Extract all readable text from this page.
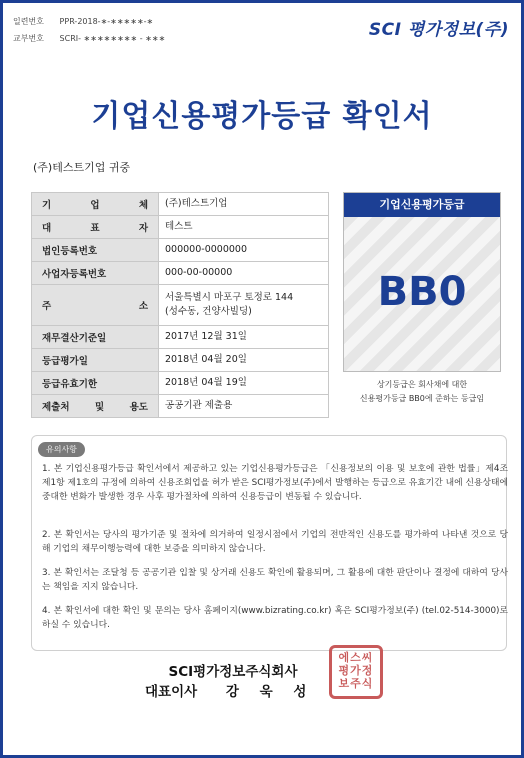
일련번호 PPR-2018-∗-∗∗∗∗∗-∗
교부번호 SCRI- ∗∗∗∗∗∗∗∗ - ∗∗∗	SCI 평가정보(주)
기업신용평가등급 확인서
(주)테스트기업 귀중
기 업 체	(주)테스트기업
대 표 자	테스트
법인등록번호	000000-0000000
사업자등록번호	000-00-00000
주 소	서울특별시 마포구 토정로 144
(성수동, 건양사빌딩)

재무결산기준일	2017년 12월 31일
등급평가일	2018년 04월 20일
등급유효기한	2018년 04월 19일
제출처 및 용도	공공기관 제출용
기업신용평가등급
BB0
상기등급은 회사채에 대한
신용평가등급 BB0에 준하는 등급임
유의사항
1. 본 기업신용평가등급 확인서에서 제공하고 있는 기업신용평가등급은 「신용정보의 이용 및 보호에 관한 법률」제4조 제1항 제1호의 규정에 의하여 신용조회업을 허가 받은 SCI평가정보(주)에서 발행하는 등급으로 유효기간 내에 신용상태에 중대한 변화가 발생한 경우 사후 평가절차에 의하여 신용등급이 변동될 수 있습니다.
2. 본 확인서는 당사의 평가기준 및 절차에 의거하여 일정시점에서 기업의 전반적인 신용도를 평가하여 나타낸 것으로 당해 기업의 채무이행능력에 대한 보증을 의미하지 않습니다.
3. 본 확인서는 조달청 등 공공기관 입찰 및 상거래 신용도 확인에 활용되며, 그 활용에 대한 판단이나 결정에 대하여 당사는 책임을 지지 않습니다.
4. 본 확인서에 대한 확인 및 문의는 당사 홈페이지(www.bizrating.co.kr) 혹은 SCI평가정보(주) (tel.02-514-3000)로 하실 수 있습니다.
SCI평가정보주식회사
대표이사 강 욱 성
에스씨
평가정
보주식
